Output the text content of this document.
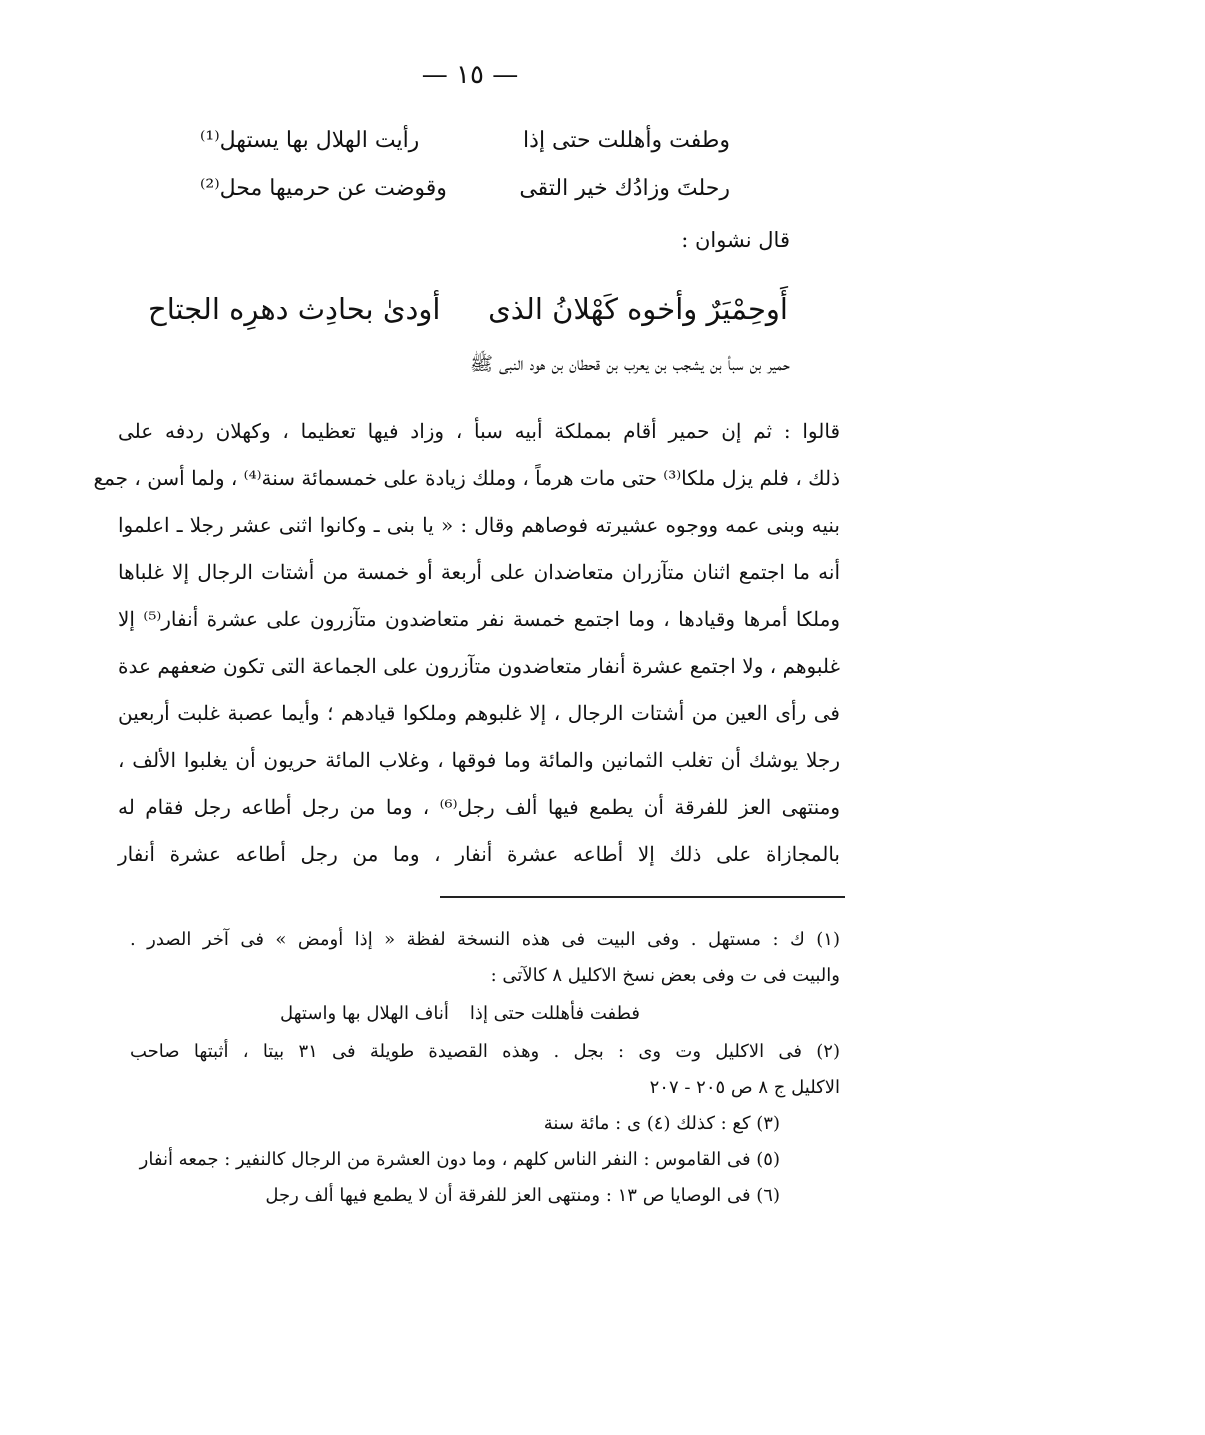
— ١٥ —
وطفت وأهللت حتى إذا
رأيت الهلال بها يستهل⁽¹⁾
رحلتَ وزادُك خير التقى
وقوضت عن حرميها محل⁽²⁾
قال نشوان :
أَوحِمْيَرٌ وأخوه كَهْلانُ الذى
أودىٰ بحادِث دهرِه الجتاح
حمير بن سبأ بن يشجب بن يعرب بن قحطان بن هود النبى ﷺ
قالوا : ثم إن حمير أقام بمملكة أبيه سبأ ، وزاد فيها تعظيما ، وكهلان ردفه على
ذلك ، فلم يزل ملكا⁽³⁾ حتى مات هرماً ، وملك زيادة على خمسمائة سنة⁽⁴⁾ ، ولما أسن ، جمع
بنيه وبنى عمه ووجوه عشيرته فوصاهم وقال : « يا بنى ـ وكانوا اثنى عشر رجلا ـ اعلموا
أنه ما اجتمع اثنان متآزران متعاضدان على أربعة أو خمسة من أشتات الرجال إلا غلباها
وملكا أمرها وقيادها ، وما اجتمع خمسة نفر متعاضدون متآزرون على عشرة أنفار⁽⁵⁾ إلا
غلبوهم ، ولا اجتمع عشرة أنفار متعاضدون متآزرون على الجماعة التى تكون ضعفهم عدة
فى رأى العين من أشتات الرجال ، إلا غلبوهم وملكوا قيادهم ؛ وأيما عصبة غلبت أربعين
رجلا يوشك أن تغلب الثمانين والمائة وما فوقها ، وغلاب المائة حريون أن يغلبوا الألف ،
ومنتهى العز للفرقة أن يطمع فيها ألف رجل⁽⁶⁾ ، وما من رجل أطاعه رجل فقام له
بالمجازاة على ذلك إلا أطاعه عشرة أنفار ، وما من رجل أطاعه عشرة أنفار
(١) ك : مستهل . وفى البيت فى هذه النسخة لفظة « إذا أومض » فى آخر الصدر .
والبيت فى ت وفى بعض نسخ الاكليل ٨ كالآتى :
فطفت فأهللت حتى إذا
أناف الهلال بها واستهل
(٢) فى الاكليل وت وى : بجل . وهذه القصيدة طويلة فى ٣١ بيتا ، أثبتها صاحب
الاكليل ج ٨ ص ٢٠٥ - ٢٠٧
(٣) كع : كذلك (٤) ى : مائة سنة
(٥) فى القاموس : النفر الناس كلهم ، وما دون العشرة من الرجال كالنفير : جمعه أنفار
(٦) فى الوصايا ص ١٣ : ومنتهى العز للفرقة أن لا يطمع فيها ألف رجل
